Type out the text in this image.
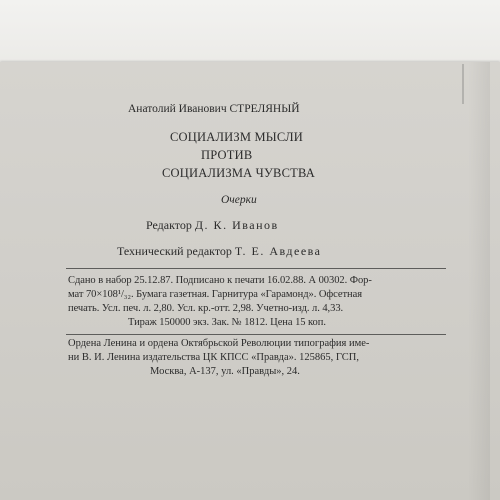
Анатолий Иванович СТРЕЛЯНЫЙ
СОЦИАЛИЗМ МЫСЛИ
ПРОТИВ
СОЦИАЛИЗМА ЧУВСТВА
Очерки
Редактор Д. К. Иванов
Технический редактор Т. Е. Авдеева
Сдано в набор 25.12.87. Подписано к печати 16.02.88. А 00302. Фор-
мат 70×108¹/₃₂. Бумага газетная. Гарнитура «Гарамонд». Офсетная
печать. Усл. печ. л. 2,80. Усл. кр.-отт. 2,98. Учетно-изд. л. 4,33.
Тираж 150000 экз. Зак. № 1812. Цена 15 коп.
Ордена Ленина и ордена Октябрьской Революции типография име-
ни В. И. Ленина издательства ЦК КПСС «Правда». 125865, ГСП,
Москва, А-137, ул. «Правды», 24.
